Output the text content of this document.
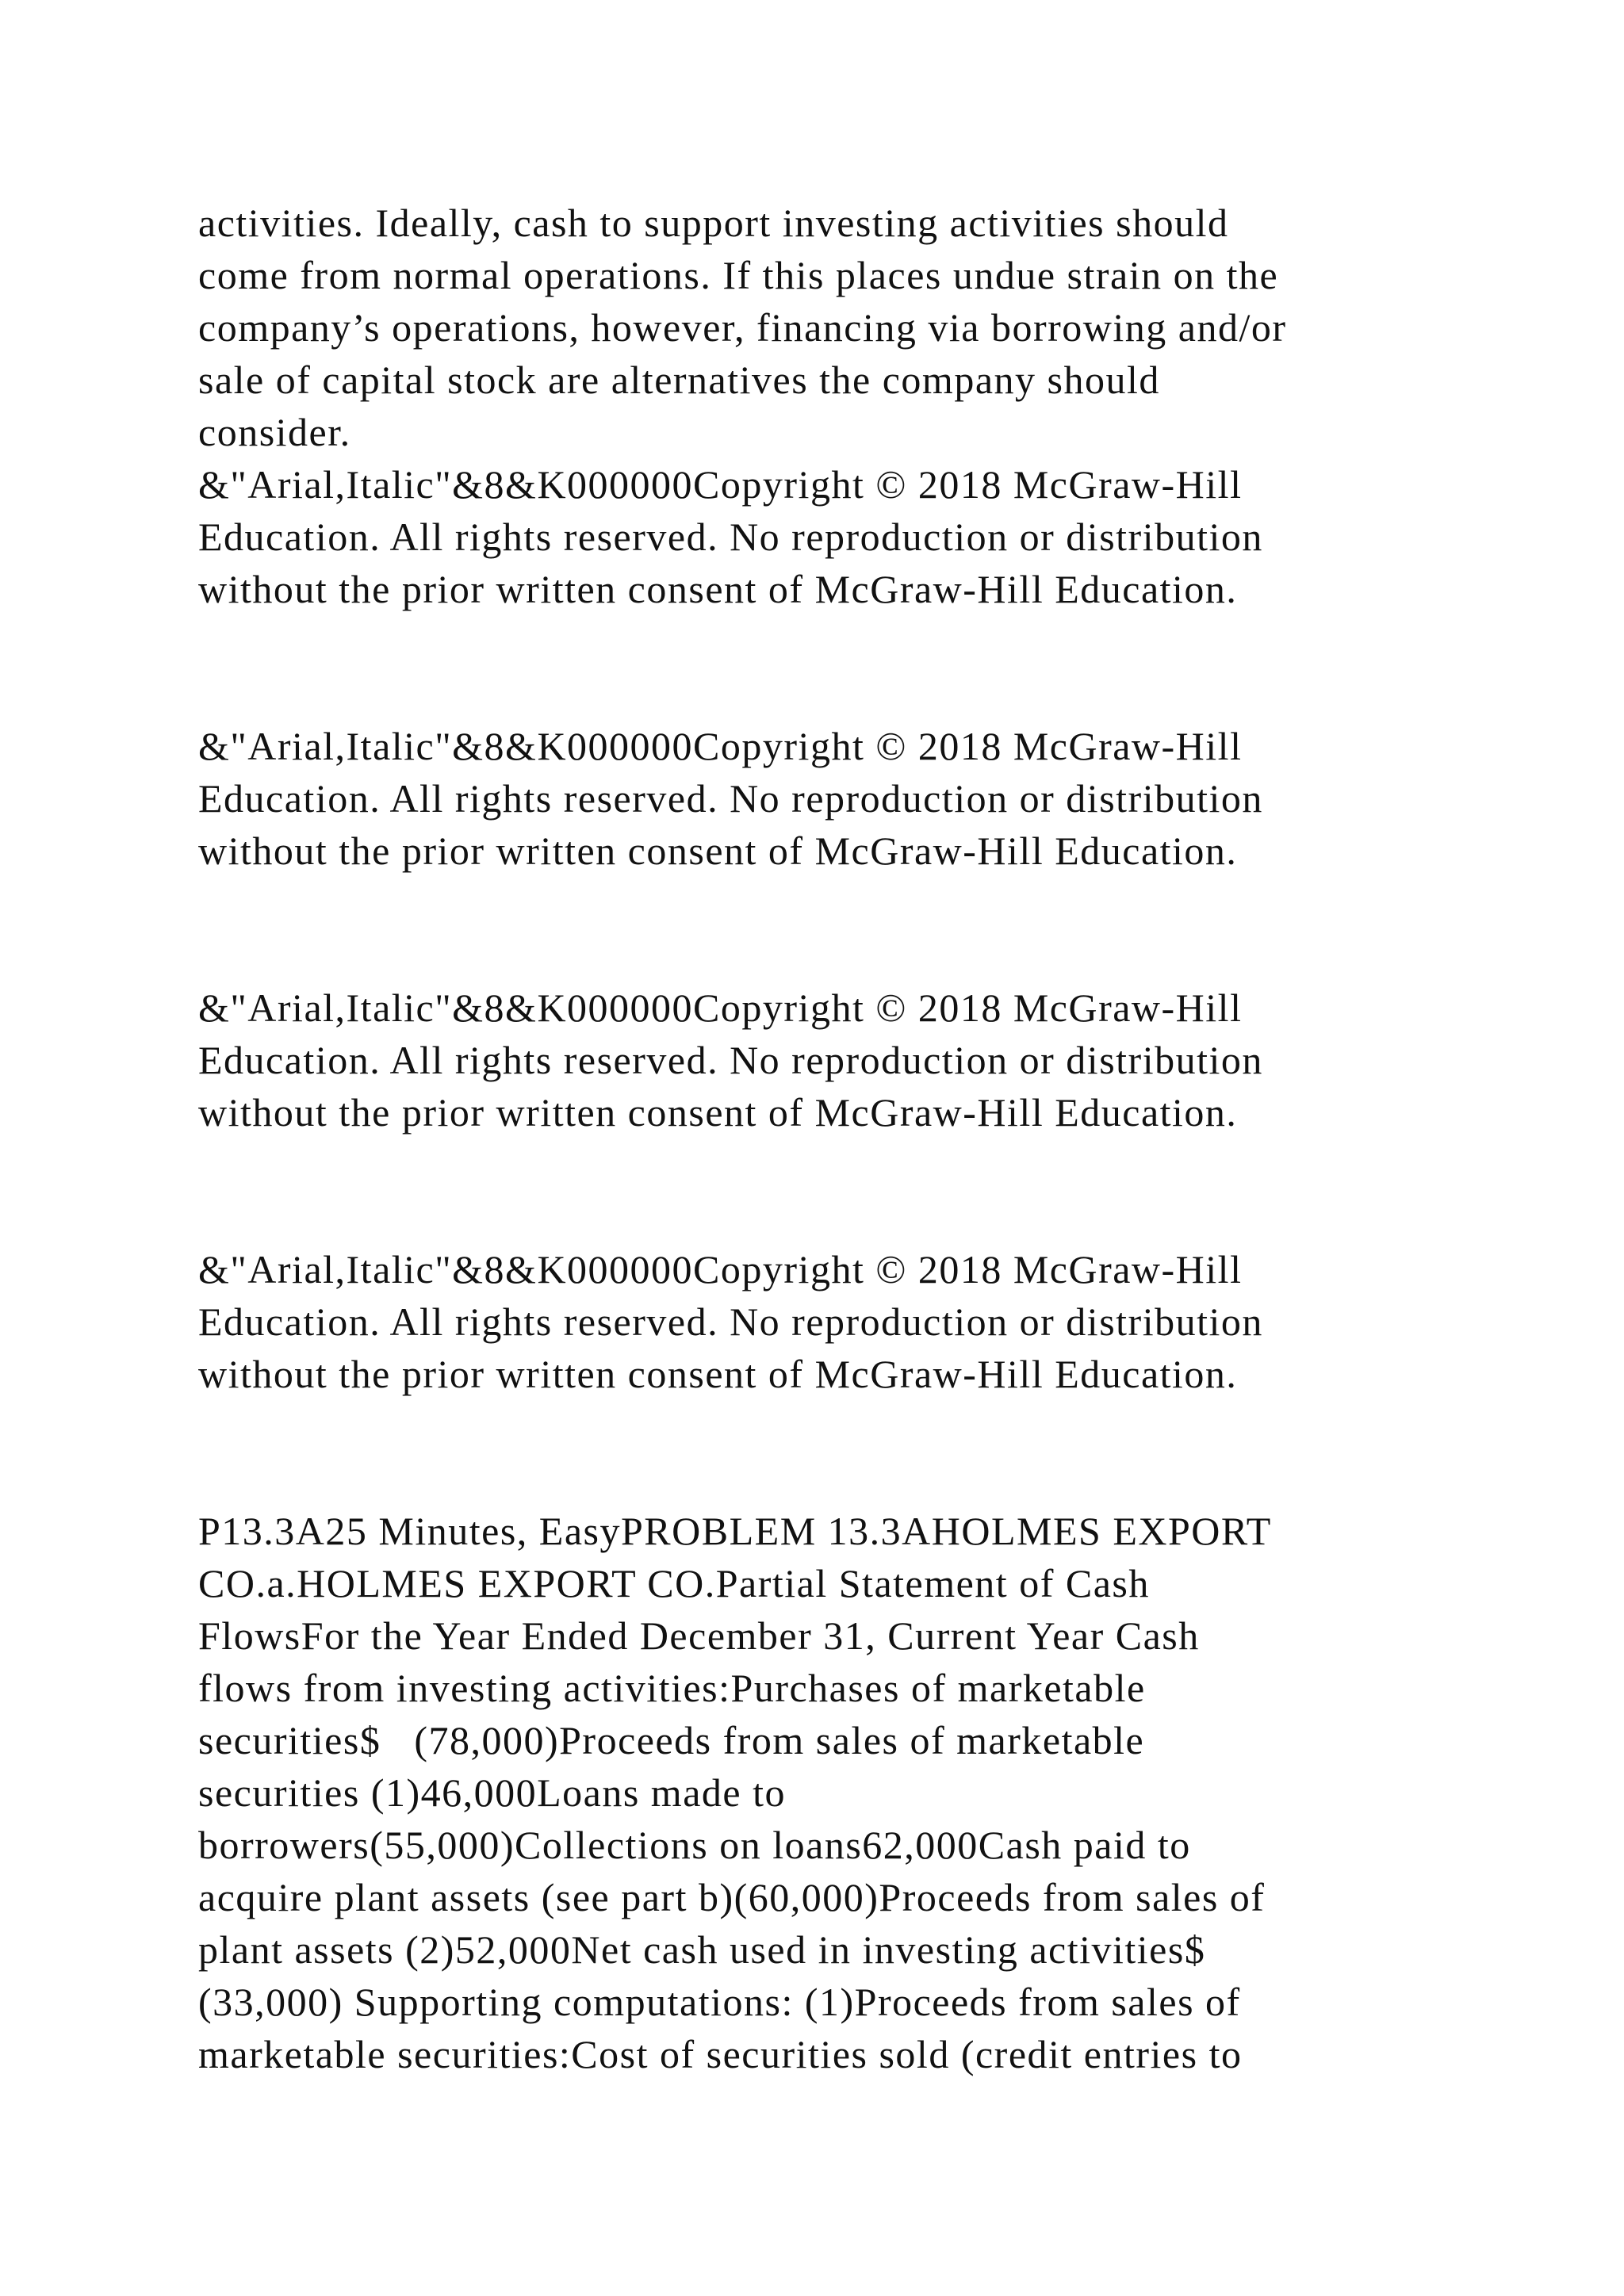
activities. Ideally, cash to support investing activities should
come from normal operations. If this places undue strain on the
company’s operations, however, financing via borrowing and/or
sale of capital stock are alternatives the company should
consider.
&"Arial,Italic"&8&K000000Copyright © 2018 McGraw-Hill
Education. All rights reserved. No reproduction or distribution
without the prior written consent of McGraw-Hill Education.
&"Arial,Italic"&8&K000000Copyright © 2018 McGraw-Hill
Education. All rights reserved. No reproduction or distribution
without the prior written consent of McGraw-Hill Education.
&"Arial,Italic"&8&K000000Copyright © 2018 McGraw-Hill
Education. All rights reserved. No reproduction or distribution
without the prior written consent of McGraw-Hill Education.
&"Arial,Italic"&8&K000000Copyright © 2018 McGraw-Hill
Education. All rights reserved. No reproduction or distribution
without the prior written consent of McGraw-Hill Education.
P13.3A25 Minutes, EasyPROBLEM 13.3AHOLMES EXPORT
CO.a.HOLMES EXPORT CO.Partial Statement of Cash
FlowsFor the Year Ended December 31, Current Year Cash
flows from investing activities:Purchases of marketable
securities$   (78,000)Proceeds from sales of marketable
securities (1)46,000Loans made to
borrowers(55,000)Collections on loans62,000Cash paid to
acquire plant assets (see part b)(60,000)Proceeds from sales of
plant assets (2)52,000Net cash used in investing activities$
(33,000) Supporting computations: (1)Proceeds from sales of
marketable securities:Cost of securities sold (credit entries to
